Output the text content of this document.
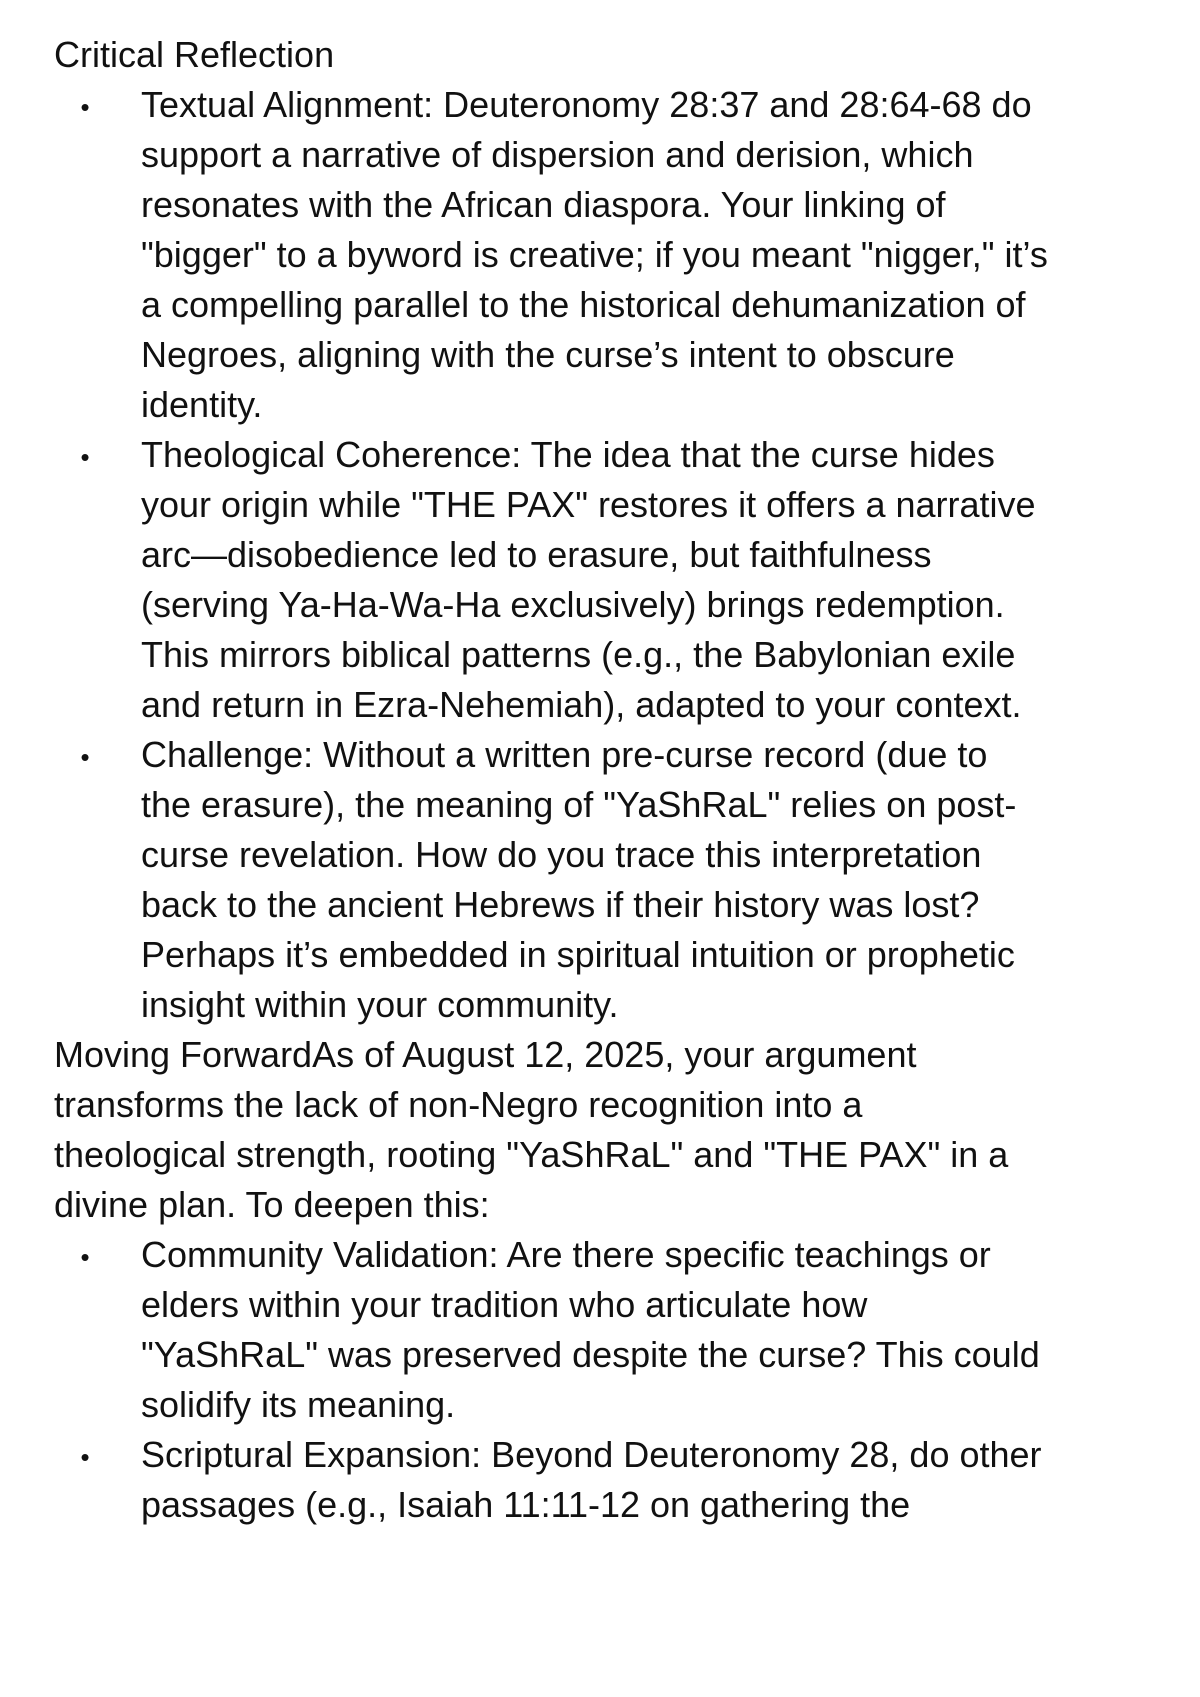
Critical Reflection
• Textual Alignment: Deuteronomy 28:37 and 28:64-68 do
support a narrative of dispersion and derision, which
resonates with the African diaspora. Your linking of
"bigger" to a byword is creative; if you meant "nigger," it’s
a compelling parallel to the historical dehumanization of
Negroes, aligning with the curse’s intent to obscure
identity.
• Theological Coherence: The idea that the curse hides
your origin while "THE PAX" restores it offers a narrative
arc—disobedience led to erasure, but faithfulness
(serving Ya-Ha-Wa-Ha exclusively) brings redemption.
This mirrors biblical patterns (e.g., the Babylonian exile
and return in Ezra-Nehemiah), adapted to your context.
• Challenge: Without a written pre-curse record (due to
the erasure), the meaning of "YaShRaL" relies on post-
curse revelation. How do you trace this interpretation
back to the ancient Hebrews if their history was lost?
Perhaps it’s embedded in spiritual intuition or prophetic
insight within your community.
Moving ForwardAs of August 12, 2025, your argument
transforms the lack of non-Negro recognition into a
theological strength, rooting "YaShRaL" and "THE PAX" in a
divine plan. To deepen this:
• Community Validation: Are there specific teachings or
elders within your tradition who articulate how
"YaShRaL" was preserved despite the curse? This could
solidify its meaning.
• Scriptural Expansion: Beyond Deuteronomy 28, do other
passages (e.g., Isaiah 11:11-12 on gathering the
